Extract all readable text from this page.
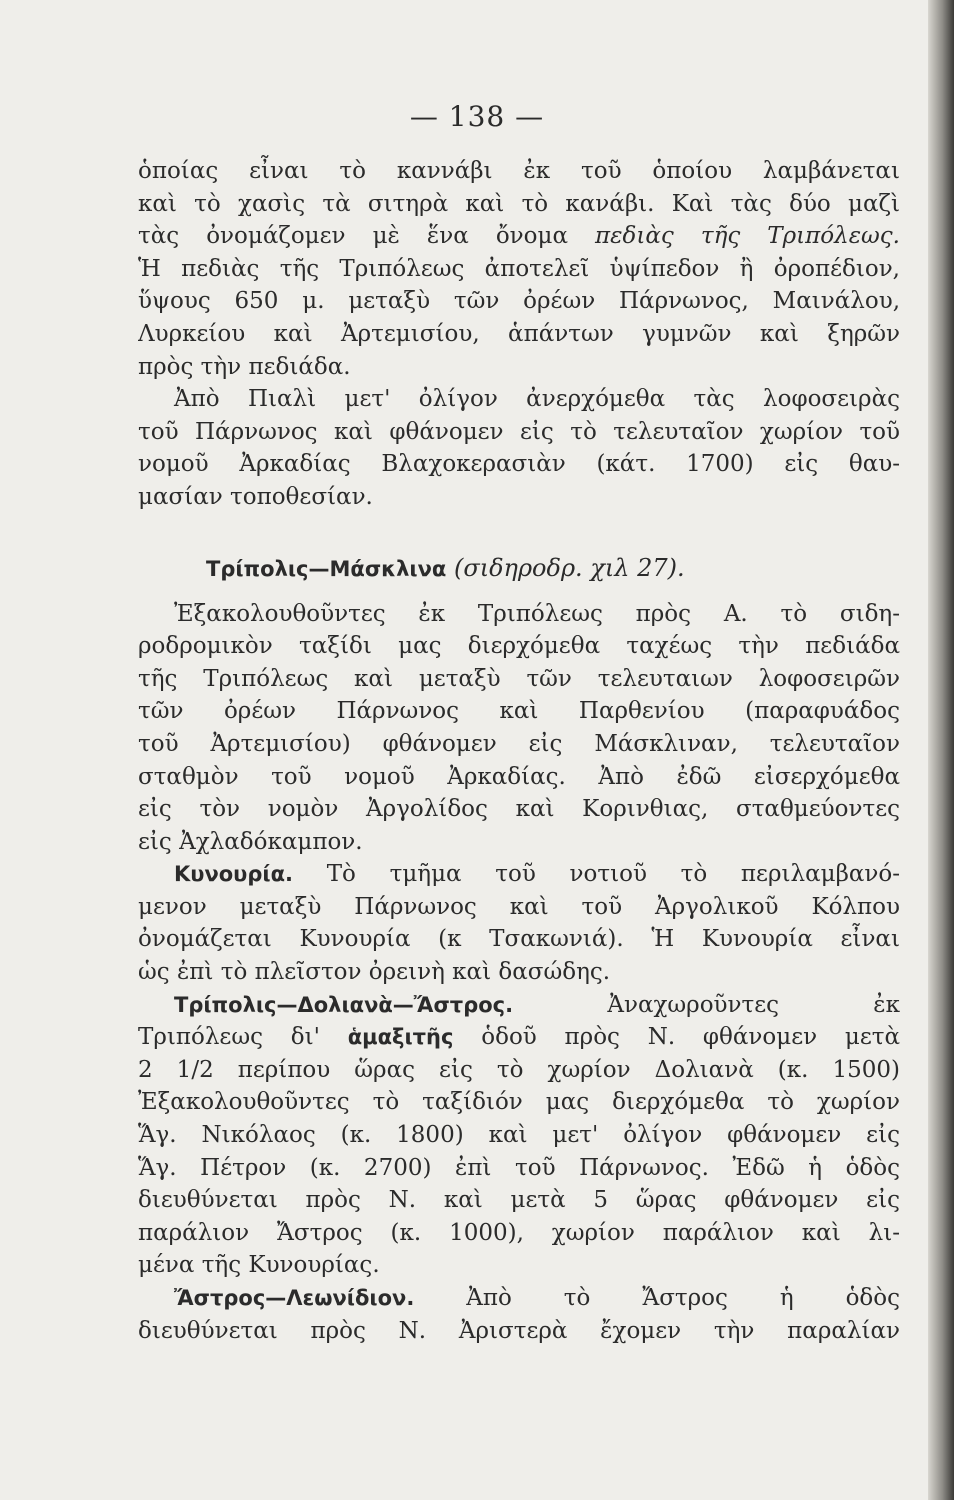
— 138 —
ὁποίας εἶναι τὸ καννάβι ἐκ τοῦ ὁποίου λαμβάνεται
καὶ τὸ χασὶς τὰ σιτηρὰ καὶ τὸ κανάβι. Καὶ τὰς δύο μαζὶ
τὰς ὀνομάζομεν μὲ ἕνα ὄνομα πεδιὰς τῆς Τριπόλεως.
Ἡ πεδιὰς τῆς Τριπόλεως ἀποτελεῖ ὑψίπεδον ἢ ὀροπέδιον,
ὕψους 650 μ. μεταξὺ τῶν ὀρέων Πάρνωνος, Μαινάλου,
Λυρκείου καὶ Ἀρτεμισίου, ἁπάντων γυμνῶν καὶ ξηρῶν
πρὸς τὴν πεδιάδα.
Ἀπὸ Πιαλὶ μετ' ὀλίγον ἀνερχόμεθα τὰς λοφοσειρὰς
τοῦ Πάρνωνος καὶ φθάνομεν εἰς τὸ τελευταῖον χωρίον τοῦ
νομοῦ Ἀρκαδίας Βλαχοκερασιὰν (κάτ. 1700) εἰς θαυ-
μασίαν τοποθεσίαν.
Τρίπολις—Μάσκλινα (σιδηροδρ. χιλ 27).
Ἐξακολουθοῦντες ἐκ Τριπόλεως πρὸς Α. τὸ σιδη-
ροδρομικὸν ταξίδι μας διερχόμεθα ταχέως τὴν πεδιάδα
τῆς Τριπόλεως καὶ μεταξὺ τῶν τελευταιων λοφοσειρῶν
τῶν ὀρέων Πάρνωνος καὶ Παρθενίου (παραφυάδος
τοῦ Ἀρτεμισίου) φθάνομεν εἰς Μάσκλιναν, τελευταῖον
σταθμὸν τοῦ νομοῦ Ἀρκαδίας. Ἀπὸ ἐδῶ εἰσερχόμεθα
εἰς τὸν νομὸν Ἀργολίδος καὶ Κορινθιας, σταθμεύοντες
εἰς Ἀχλαδόκαμπον.
Κυνουρία. Τὸ τμῆμα τοῦ νοτιοῦ τὸ περιλαμβανό-
μενον μεταξὺ Πάρνωνος καὶ τοῦ Ἀργολικοῦ Κόλπου
ὀνομάζεται Κυνουρία (κ Τσακωνιά). Ἡ Κυνουρία εἶναι
ὡς ἐπὶ τὸ πλεῖστον ὀρεινὴ καὶ δασώδης.
Τρίπολις—Δολιανὰ—Ἄστρος.	Ἀναχωροῦντες ἐκ
Τριπόλεως δι' ἁμαξιτῆς ὁδοῦ πρὸς Ν. φθάνομεν μετὰ
2 1/2 περίπου ὥρας εἰς τὸ χωρίον Δολιανὰ (κ. 1500)
Ἐξακολουθοῦντες τὸ ταξίδιόν μας διερχόμεθα τὸ χωρίον
Ἅγ. Νικόλαος (κ. 1800) καὶ μετ' ὀλίγον φθάνομεν εἰς
Ἅγ. Πέτρον (κ. 2700) ἐπὶ τοῦ Πάρνωνος. Ἐδῶ ἡ ὁδὸς
διευθύνεται πρὸς Ν. καὶ μετὰ 5 ὥρας φθάνομεν εἰς
παράλιον Ἄστρος (κ. 1000), χωρίον παράλιον καὶ λι-
μένα τῆς Κυνουρίας.
Ἄστρος—Λεωνίδιον. Ἀπὸ τὸ Ἄστρος ἡ ὁδὸς
διευθύνεται πρὸς Ν. Ἀριστερὰ ἔχομεν τὴν παραλίαν
